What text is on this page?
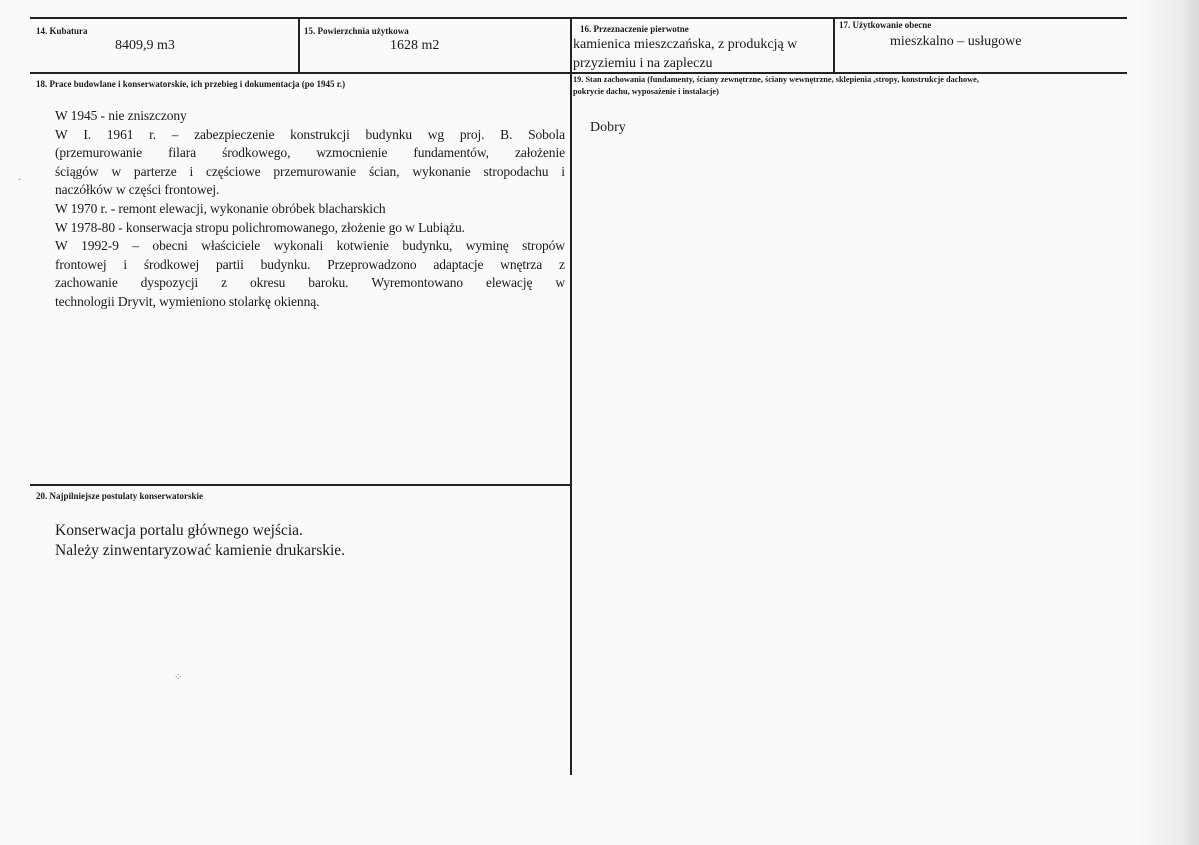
14. Kubatura
8409,9 m3
15. Powierzchnia użytkowa
1628 m2
16. Przeznaczenie pierwotne
kamienica mieszczańska, z produkcją w
przyziemiu i na zapleczu
17. Użytkowanie obecne
mieszkalno – usługowe
18. Prace budowlane i konserwatorskie, ich przebieg i dokumentacja (po 1945 r.)
W 1945 - nie zniszczony
W I. 1961 r. – zabezpieczenie konstrukcji budynku wg proj. B. Sobola
(przemurowanie filara środkowego, wzmocnienie fundamentów, założenie
ściągów w parterze i częściowe przemurowanie ścian, wykonanie stropodachu i
naczółków w części frontowej.
W 1970 r. - remont elewacji, wykonanie obróbek blacharskich
W 1978-80 - konserwacja stropu polichromowanego, złożenie go w Lubiążu.
W 1992-9 – obecni właściciele wykonali kotwienie budynku, wyminę stropów
frontowej i środkowej partii budynku. Przeprowadzono adaptacje wnętrza z
zachowanie dyspozycji z okresu baroku. Wyremontowano elewację w
technologii Dryvit, wymieniono stolarkę okienną.
19. Stan zachowania (fundamenty, ściany zewnętrzne, ściany wewnętrzne, sklepienia ,stropy, konstrukcje dachowe,
pokrycie dachu, wyposażenie i instalacje)
Dobry
20. Najpilniejsze postulaty konserwatorskie
Konserwacja portalu głównego wejścia.
Należy zinwentaryzować kamienie drukarskie.
·
⁘
